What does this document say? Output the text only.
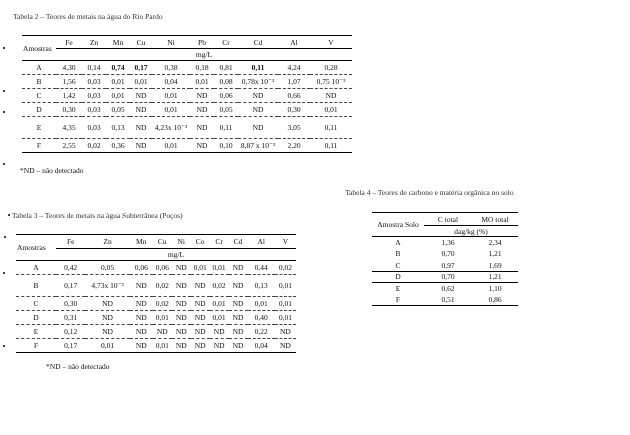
Tabela 2 – Teores de metais na água do Rio Pardo
Amostras	Fe	Zn	Mn	Cu	Ni	Pb	Cr	Cd	Al	V
	mg/L									
A	4,30	0,14	0,74	0,17	0,38	0,18	0,81	0,11	4,24	0,28
B	1,56	0,03	0,01	0,01	0,04	0,01	0,08	0,78x 10⁻³	1,07	0,75 10⁻³
C	1,42	0,03	0,01	ND	0,01	ND	0,06	ND	0,66	ND
D	0,30	0,03	0,05	ND	0,01	ND	0,05	ND	0,30	0,01
E	4,35	0,03	0,13	ND	4,23x 10⁻³	ND	0,11	ND	3,05	0,11
F	2,55	0,02	0,36	ND	0,01	ND	0,10	8,87 x 10⁻³	2,20	0,11
*ND – não detectado
Tabela 3 – Teores de metais na água Subterrânea (Poços)
Amostras	Fe	Zn	Mn	Cu	Ni	Co	Cr	Cd	Al	V
	mg/L									
A	0,42	0,05	0,06	0,06	ND	0,01	0,01	ND	0,44	0,02
B	0,17	4,73x 10⁻³	ND	0,02	ND	ND	0,02	ND	0,13	0,01
C	0,30	ND	ND	0,02	ND	ND	0,01	ND	0,01	0,01
D	0,31	ND	ND	0,01	ND	ND	0,01	ND	0,40	0,01
E	0,12	ND	ND	ND	ND	ND	ND	ND	0,22	ND
F	0,17	0,01	ND	0,01	ND	ND	ND	ND	0,04	ND
*ND – não detectado
Tabela 4 – Teores de carbono e matéria orgânica no solo
Amostra Solo	C total	MO total
	dag/kg (%)	
A	1,36	2,34
B	0,70	1,21
C	0,97	1,69
D	0,70	1,21
E	0,62	1,10
F	0,51	0,86
